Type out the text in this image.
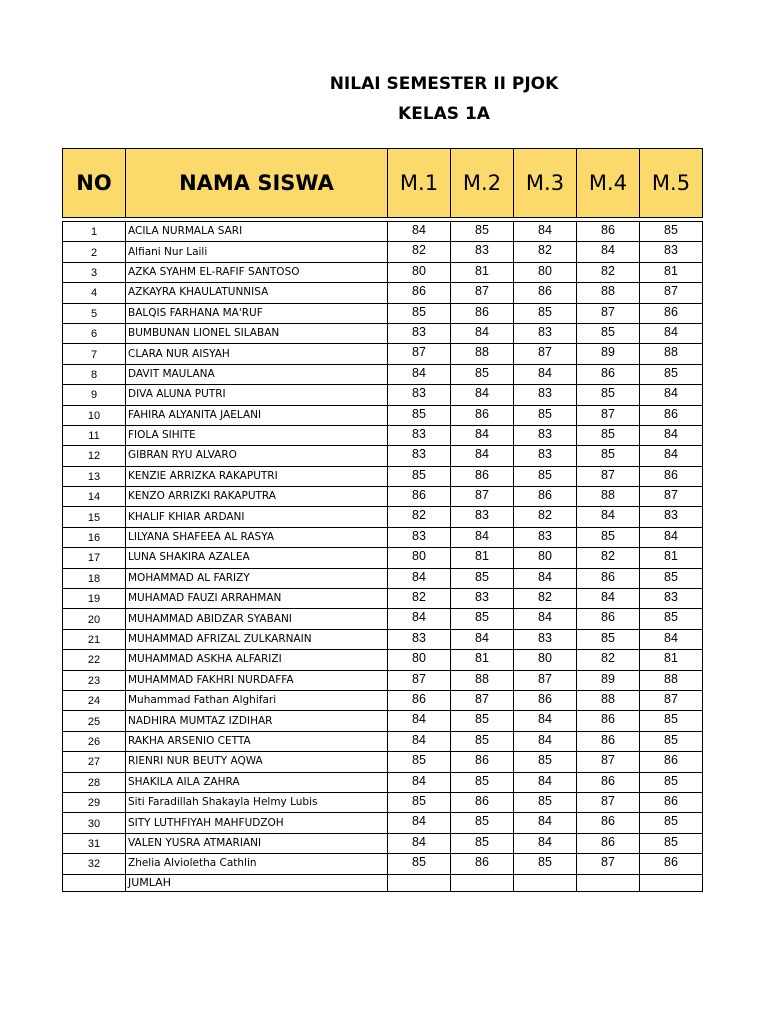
NILAI SEMESTER II PJOK
KELAS 1A
NO	NAMA SISWA	M.1	M.2	M.3	M.4	M.5

1	ACILA NURMALA SARI	84	85	84	86	85
2	Alfiani Nur Laili	82	83	82	84	83
3	AZKA SYAHM EL-RAFIF SANTOSO	80	81	80	82	81
4	AZKAYRA KHAULATUNNISA	86	87	86	88	87
5	BALQIS FARHANA MA'RUF	85	86	85	87	86
6	BUMBUNAN LIONEL SILABAN	83	84	83	85	84
7	CLARA NUR AISYAH	87	88	87	89	88
8	DAVIT MAULANA	84	85	84	86	85
9	DIVA ALUNA PUTRI	83	84	83	85	84
10	FAHIRA ALYANITA JAELANI	85	86	85	87	86
11	FIOLA SIHITE	83	84	83	85	84
12	GIBRAN RYU ALVARO	83	84	83	85	84
13	KENZIE ARRIZKA RAKAPUTRI	85	86	85	87	86
14	KENZO ARRIZKI RAKAPUTRA	86	87	86	88	87
15	KHALIF KHIAR ARDANI	82	83	82	84	83
16	LILYANA SHAFEEA AL RASYA	83	84	83	85	84
17	LUNA SHAKIRA AZALEA	80	81	80	82	81
18	MOHAMMAD AL FARIZY	84	85	84	86	85
19	MUHAMAD FAUZI ARRAHMAN	82	83	82	84	83
20	MUHAMMAD ABIDZAR SYABANI	84	85	84	86	85
21	MUHAMMAD AFRIZAL ZULKARNAIN	83	84	83	85	84
22	MUHAMMAD ASKHA ALFARIZI	80	81	80	82	81
23	MUHAMMAD FAKHRI NURDAFFA	87	88	87	89	88
24	Muhammad Fathan Alghifari	86	87	86	88	87
25	NADHIRA MUMTAZ IZDIHAR	84	85	84	86	85
26	RAKHA ARSENIO CETTA	84	85	84	86	85
27	RIENRI NUR BEUTY AQWA	85	86	85	87	86
28	SHAKILA AILA ZAHRA	84	85	84	86	85
29	Siti Faradillah Shakayla Helmy Lubis	85	86	85	87	86
30	SITY LUTHFIYAH MAHFUDZOH	84	85	84	86	85
31	VALEN YUSRA ATMARIANI	84	85	84	86	85
32	Zhelia Alvioletha Cathlin	85	86	85	87	86
	JUMLAH					
